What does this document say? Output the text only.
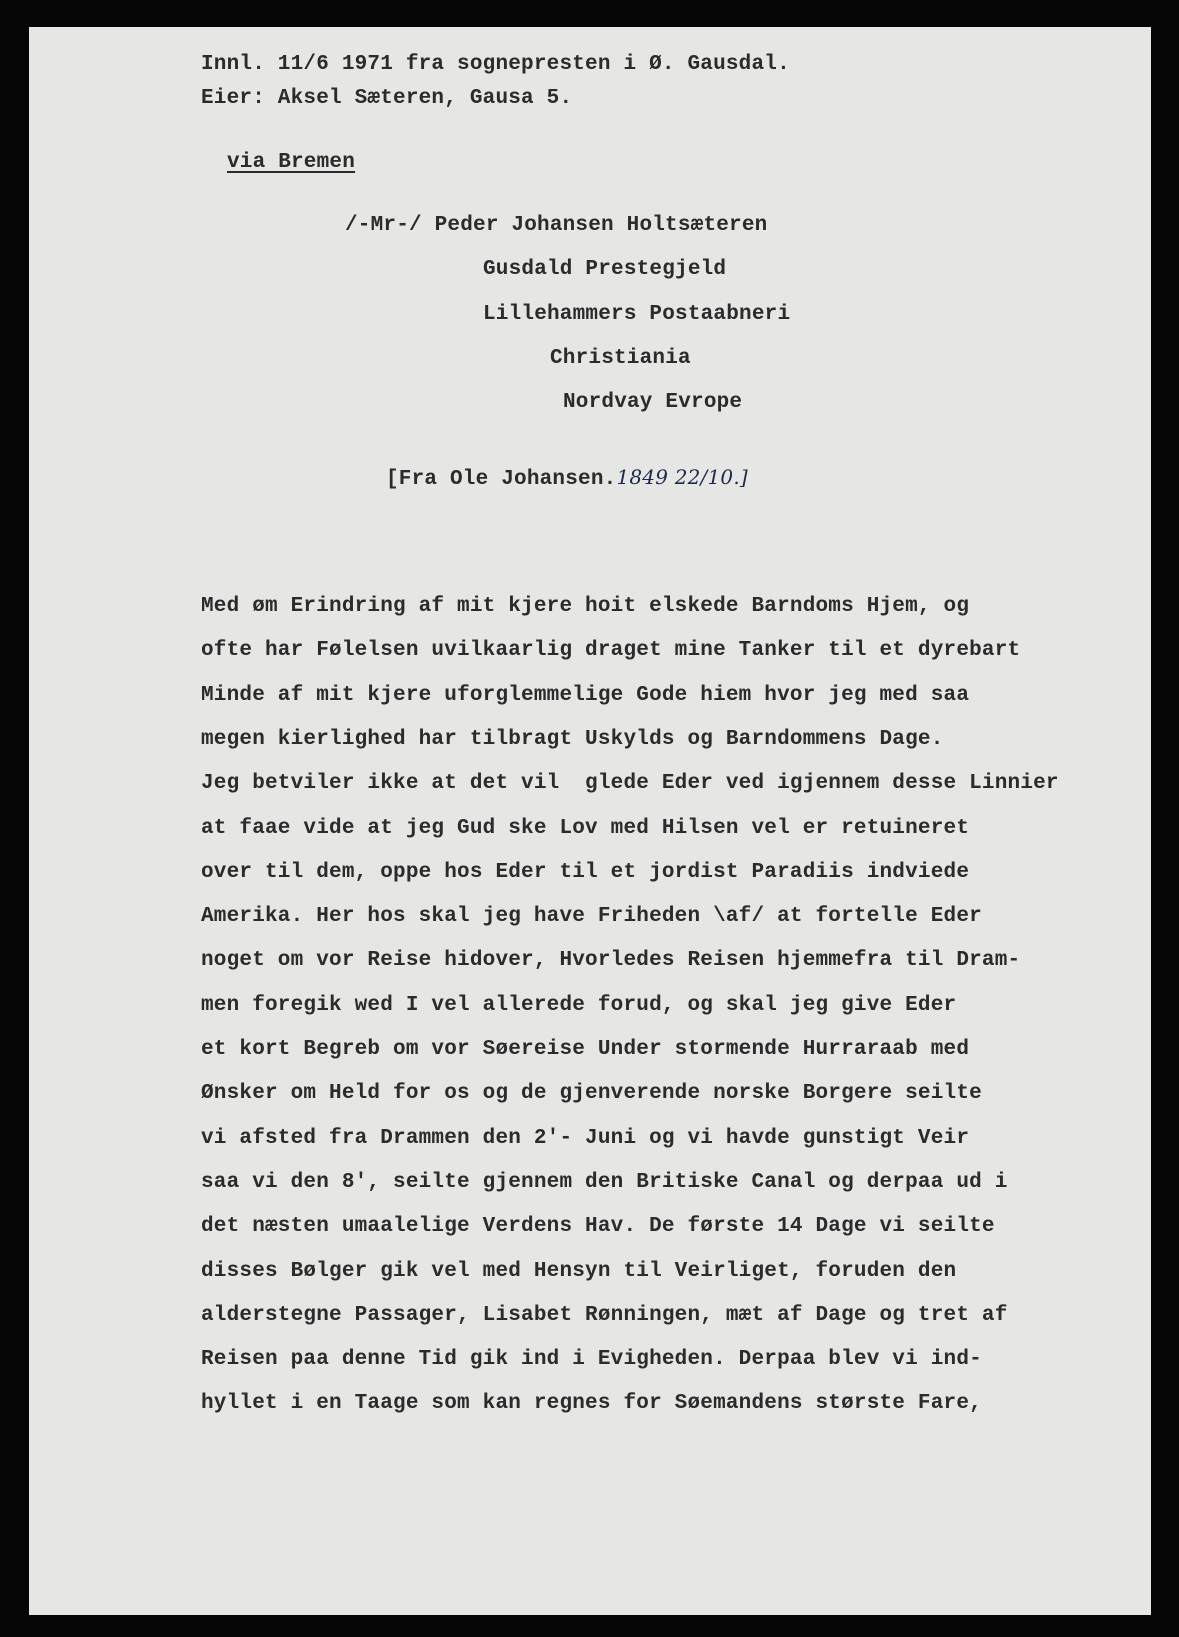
Innl. 11/6 1971 fra sognepresten i Ø. Gausdal.

Eier: Aksel Sæteren, Gausa 5.

via Bremen

/-Mr-/ Peder Johansen Holtsæteren

Gusdald Prestegjeld

Lillehammers Postaabneri

Christiania

Nordvay Evrope

[Fra Ole Johansen.1849 22/10.]

Med øm Erindring af mit kjere hoit elskede Barndoms Hjem, og

ofte har Følelsen uvilkaarlig draget mine Tanker til et dyrebart

Minde af mit kjere uforglemmelige Gode hiem hvor jeg med saa

megen kierlighed har tilbragt Uskylds og Barndommens Dage.

Jeg betviler ikke at det vil  glede Eder ved igjennem desse Linnier

at faae vide at jeg Gud ske Lov med Hilsen vel er retuineret

over til dem, oppe hos Eder til et jordist Paradiis indviede

Amerika. Her hos skal jeg have Friheden \af/ at fortelle Eder

noget om vor Reise hidover, Hvorledes Reisen hjemmefra til Dram-

men foregik wed I vel allerede forud, og skal jeg give Eder

et kort Begreb om vor Søereise Under stormende Hurraraab med

Ønsker om Held for os og de gjenverende norske Borgere seilte

vi afsted fra Drammen den 2'- Juni og vi havde gunstigt Veir

saa vi den 8', seilte gjennem den Britiske Canal og derpaa ud i

det næsten umaalelige Verdens Hav. De første 14 Dage vi seilte

disses Bølger gik vel med Hensyn til Veirliget, foruden den

alderstegne Passager, Lisabet Rønningen, mæt af Dage og tret af

Reisen paa denne Tid gik ind i Evigheden. Derpaa blev vi ind-

hyllet i en Taage som kan regnes for Søemandens største Fare,
